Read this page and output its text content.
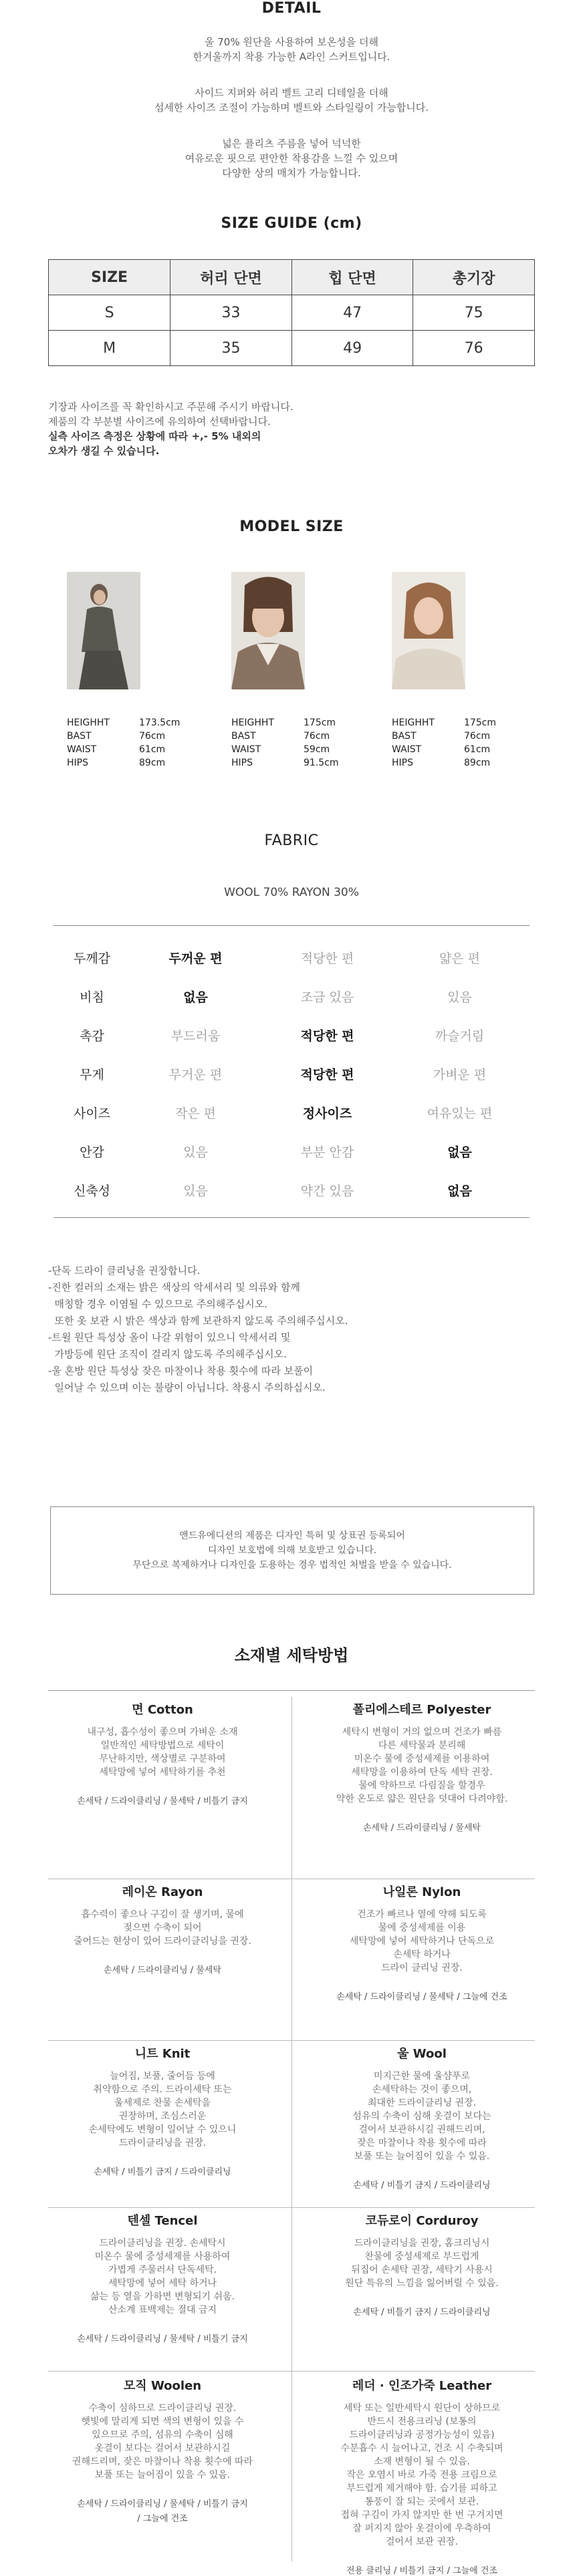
DETAIL
울 70% 원단을 사용하여 보온성을 더해
한겨울까지 착용 가능한 A라인 스커트입니다.
사이드 지퍼와 허리 벨트 고리 디테일을 더해
섬세한 사이즈 조절이 가능하며 벨트와 스타일링이 가능합니다.
넓은 플리츠 주름을 넣어 넉넉한
여유로운 핏으로 편안한 착용감을 느낄 수 있으며
다양한 상의 매치가 가능합니다.
SIZE GUIDE (cm)
SIZE	허리 단면	힙 단면	총기장
S	33	47	75
M	35	49	76
기장과 사이즈를 꼭 확인하시고 주문해 주시기 바랍니다.
제품의 각 부분별 사이즈에 유의하여 선택바랍니다.
실측 사이즈 측정은 상황에 따라 +,- 5% 내외의
오차가 생길 수 있습니다.
MODEL SIZE
HEIGHHT	173.5cm
BAST	76cm
WAIST	61cm
HIPS	89cm
HEIGHHT	175cm
BAST	76cm
WAIST	59cm
HIPS	91.5cm
HEIGHHT	175cm
BAST	76cm
WAIST	61cm
HIPS	89cm
FABRIC
WOOL 70% RAYON 30%
두께감	두꺼운 편	적당한 편	얇은 편
비침	없음	조금 있음	있음
촉감	부드러움	적당한 편	까슬거림
무게	무거운 편	적당한 편	가벼운 편
사이즈	작은 편	정사이즈	여유있는 편
안감	있음	부분 안감	없음
신축성	있음	약간 있음	없음
-단독 드라이 클리닝을 권장합니다.
-진한 컬러의 소재는 밝은 색상의 악세서리 및 의류와 함께
매칭할 경우 이염될 수 있으므로 주의해주십시오.
또한 옷 보관 시 밝은 색상과 함께 보관하지 않도록 주의해주십시오.
-트윌 원단 특성상 올이 나갈 위험이 있으니 악세서리 및
가방등에 원단 조직이 걸리지 않도록 주의해주십시오.
-울 혼방 원단 특성상 잦은 마찰이나 착용 횟수에 따라 보풀이
일어날 수 있으며 이는 불량이 아닙니다. 착용시 주의하십시오.
앤드유에디션의 제품은 디자인 특허 및 상표권 등록되어
디자인 보호법에 의해 보호받고 있습니다.
무단으로 복제하거나 디자인을 도용하는 경우 법적인 처벌을 받을 수 있습니다.
소재별 세탁방법
면 Cotton
내구성, 흡수성이 좋으며 가벼운 소재
일반적인 세탁방법으로 세탁이
무난하지만, 색상별로 구분하여
세탁망에 넣어 세탁하기를 추천
손세탁 / 드라이클리닝 / 물세탁 / 비틀기 금지
폴리에스테르 Polyester
세탁시 변형이 거의 없으며 건조가 빠름
다른 세탁물과 분리해
미온수 물에 중성세제를 이용하여
세탁망을 이용하여 단독 세탁 권장.
물에 약하므로 다림질을 할경우
약한 온도로 얇은 원단을 덧대어 다려야함.
손세탁 / 드라이클리닝 / 물세탁
레이온 Rayon
흡수력이 좋으나 구김이 잘 생기며, 물에
젖으면 수축이 되어
줄어드는 현상이 있어 드라이클리닝을 권장.
손세탁 / 드라이클리닝 / 물세탁
나일론 Nylon
건조가 빠르나 열에 약해 되도록
물에 중성세제를 이용
세탁망에 넣어 세탁하거나 단독으로
손세탁 하거나
드라이 클리닝 권장.
손세탁 / 드라이클리닝 / 물세탁 / 그늘에 건조
니트 Knit
늘어짐, 보풀, 줄어듬 등에
취약함으로 주의. 드라이세탁 또는
울세제로 찬물 손세탁을
권장하며, 조심스러운
손세탁에도 변형이 일어날 수 있으니
드라이클리닝을 권장.
손세탁 / 비틀기 금지 / 드라이클리닝
울 Wool
미지근한 물에 울샴푸로
손세탁하는 것이 좋으며,
최대한 드라이클리닝 권장.
섬유의 수축이 심해 옷결이 보다는
걸어서 보관하시길 권해드리며,
잦은 마찰이나 착용 횟수에 따라
보풀 또는 늘어짐이 있을 수 있음.
손세탁 / 비틀기 금지 / 드라이클리닝
텐셀 Tencel
드라이클리닝을 권장. 손세탁시
미온수 물에 중성세제를 사용하여
가볍게 주물러서 단독세탁.
세탁망에 넣어 세탁 하거나
삶는 등 열을 가하면 변형되기 쉬움.
산소계 표백제는 절대 금지
손세탁 / 드라이클리닝 / 물세탁 / 비틀기 금지
코듀로이 Corduroy
드라이클리닝을 권장, 홈크리닝시
찬물에 중성세제로 부드럽게
뒤집어 손세탁 권장, 세탁기 사용시
원단 특유의 느낌을 잃어버릴 수 있음.
손세탁 / 비틀기 금지 / 드라이클리닝
모직 Woolen
수축이 심하므로 드라이클리닝 권장.
햇빛에 말리게 되면 색의 변형이 있을 수
있으므로 주의, 섬유의 수축이 심해
옷결이 보다는 걸어서 보관하시길
권해드리며, 잦은 마찰이나 착용 횟수에 따라
보풀 또는 늘어짐이 있을 수 있음.
손세탁 / 드라이클리닝 / 물세탁 / 비틀기 금지
/ 그늘에 건조
레더 · 인조가죽 Leather
세탁 또는 일반세탁시 원단이 상하므로
반드시 전용크리닝 (보통의
드라이클리닝과 공정가능성이 있음)
수분흡수 시 늘어나고, 건조 시 수축되며
소재 변형이 될 수 있음.
작은 오염시 바로 가죽 전용 크림으로
부드럽게 제거해야 함. 습기를 피하고
통풍이 잘 되는 곳에서 보관.
접혀 구김이 가지 않지만 한 번 구겨지면
잘 퍼지지 않아 옷걸이에 우측하여
걸어서 보관 권장.
전용 클리닝 / 비틀기 금지 / 그늘에 건조
